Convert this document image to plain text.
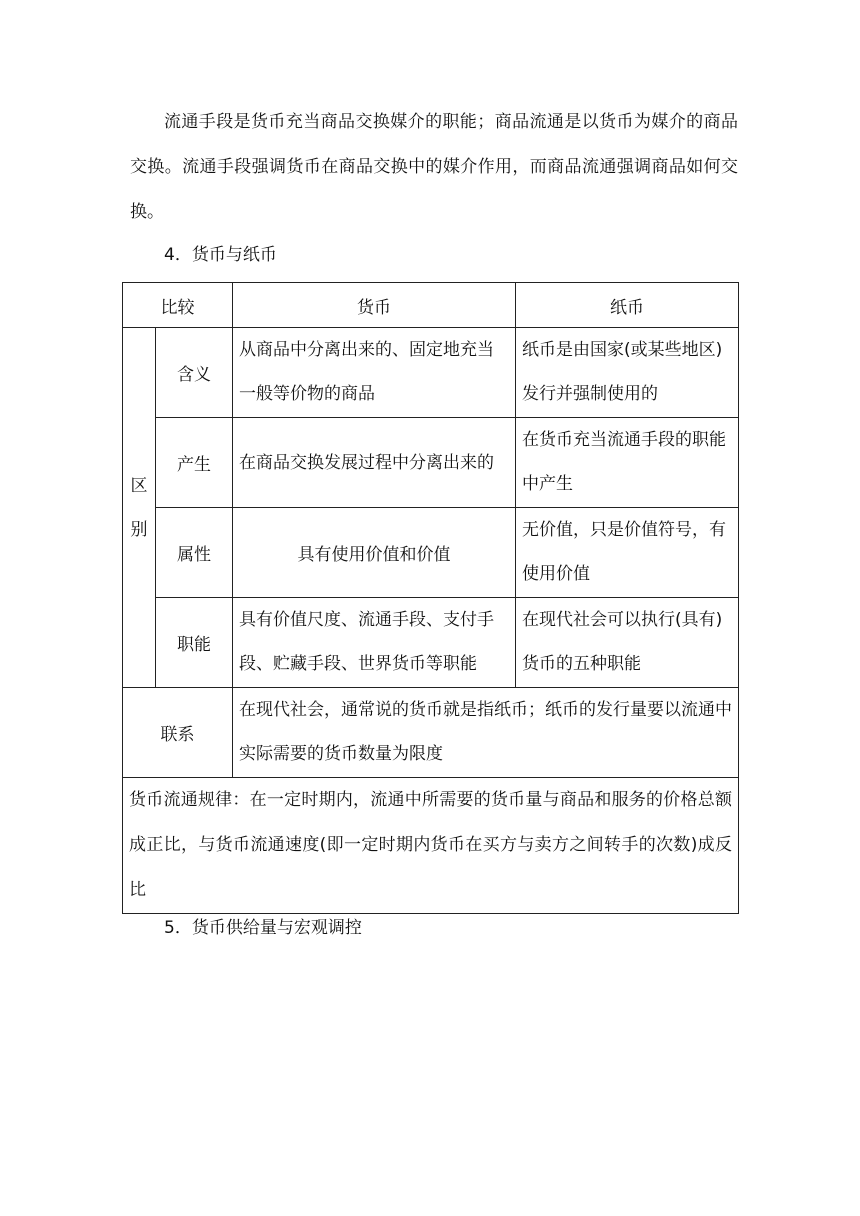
流通手段是货币充当商品交换媒介的职能；商品流通是以货币为媒介的商品交换。流通手段强调货币在商品交换中的媒介作用，而商品流通强调商品如何交换。

4．货币与纸币

比较		货币	纸币
区别	含义	从商品中分离出来的、固定地充当一般等价物的商品	纸币是由国家(或某些地区)发行并强制使用的
	产生	在商品交换发展过程中分离出来的	在货币充当流通手段的职能中产生
	属性	具有使用价值和价值	无价值，只是价值符号，有使用价值
	职能	具有价值尺度、流通手段、支付手段、贮藏手段、世界货币等职能	在现代社会可以执行(具有)货币的五种职能
联系		在现代社会，通常说的货币就是指纸币；纸币的发行量要以流通中实际需要的货币数量为限度	
货币流通规律：在一定时期内，流通中所需要的货币量与商品和服务的价格总额成正比，与货币流通速度(即一定时期内货币在买方与卖方之间转手的次数)成反比			

5．货币供给量与宏观调控
